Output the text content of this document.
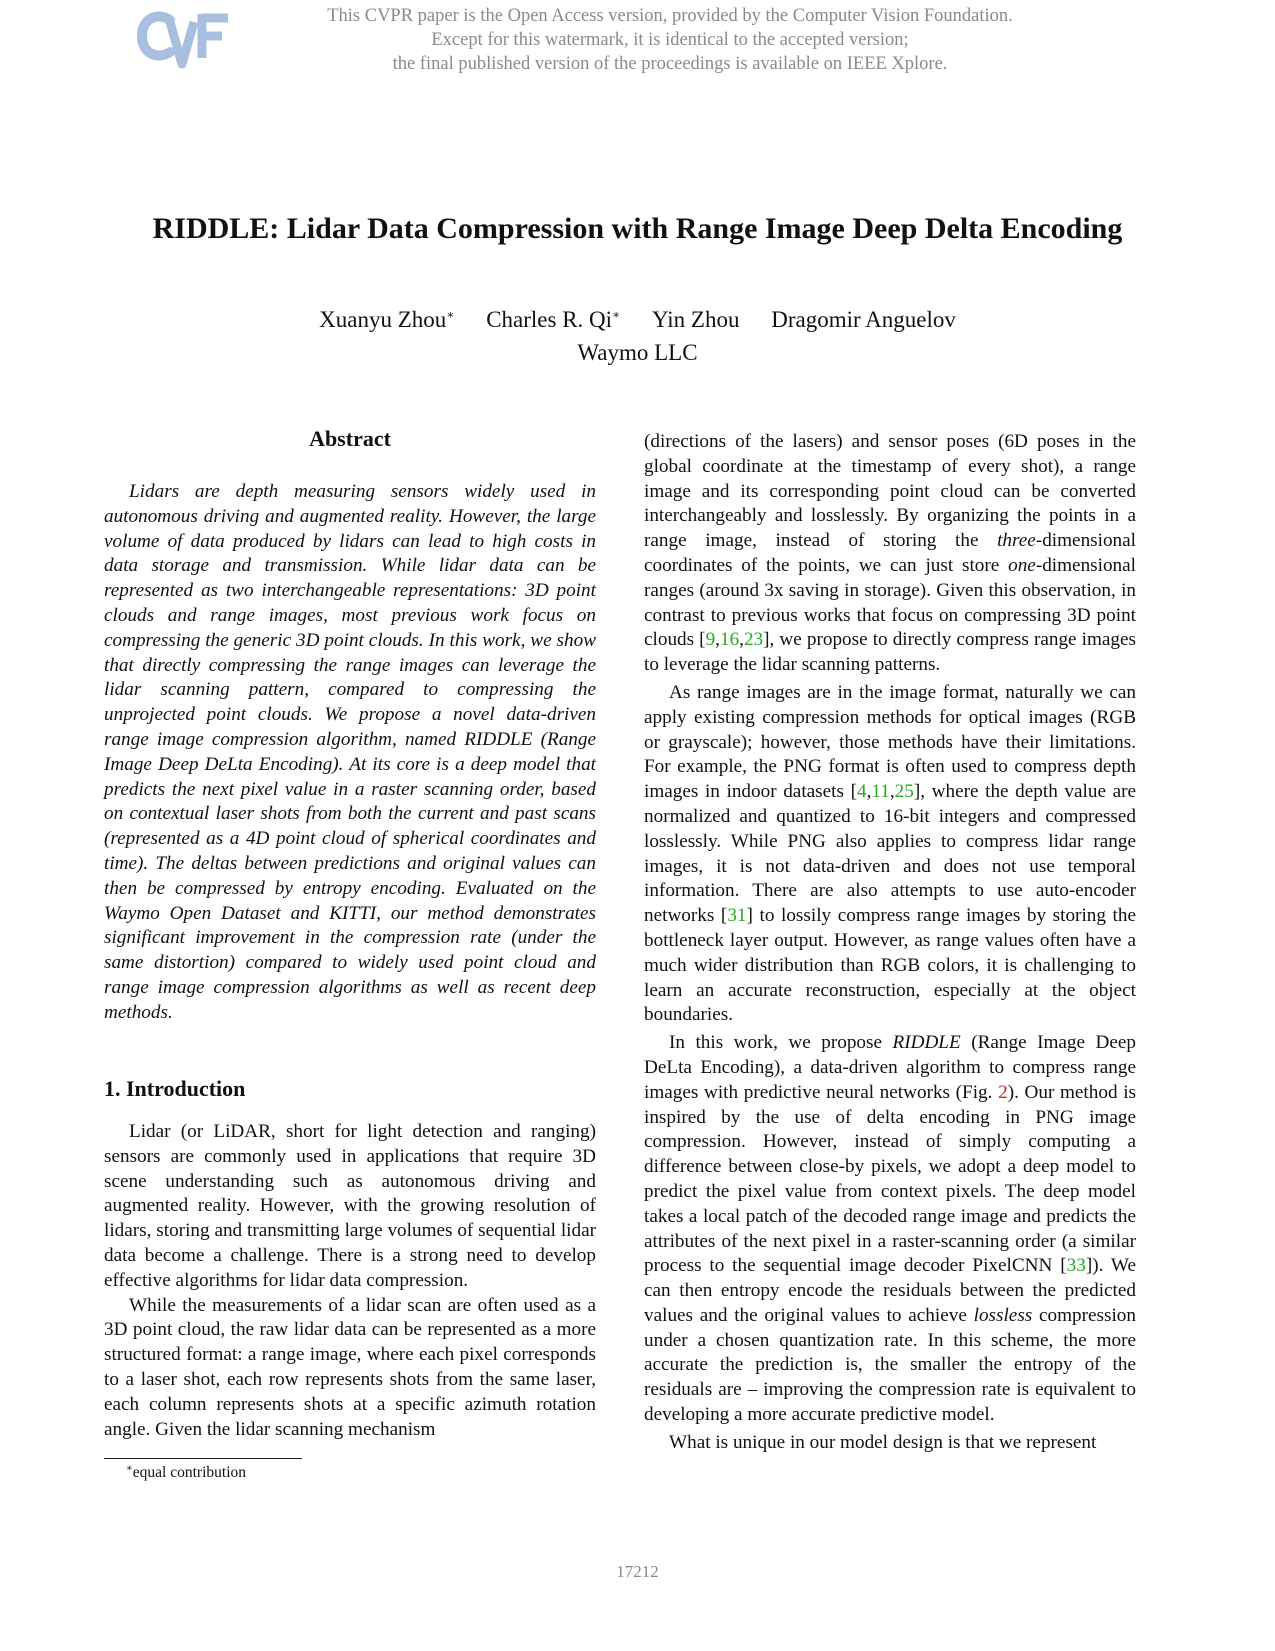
This CVPR paper is the Open Access version, provided by the Computer Vision Foundation.
Except for this watermark, it is identical to the accepted version;
the final published version of the proceedings is available on IEEE Xplore.
RIDDLE: Lidar Data Compression with Range Image Deep Delta Encoding
Xuanyu Zhou∗ Charles R. Qi∗ Yin Zhou Dragomir Anguelov
Waymo LLC
Abstract

Lidars are depth measuring sensors widely used in autonomous driving and augmented reality. However, the large volume of data produced by lidars can lead to high costs in data storage and transmission. While lidar data can be represented as two interchangeable representations: 3D point clouds and range images, most previous work focus on compressing the generic 3D point clouds. In this work, we show that directly compressing the range images can leverage the lidar scanning pattern, compared to compressing the unprojected point clouds. We propose a novel data-driven range image compression algorithm, named RIDDLE (Range Image Deep DeLta Encoding). At its core is a deep model that predicts the next pixel value in a raster scanning order, based on contextual laser shots from both the current and past scans (represented as a 4D point cloud of spherical coordinates and time). The deltas between predictions and original values can then be compressed by entropy encoding. Evaluated on the Waymo Open Dataset and KITTI, our method demonstrates significant improvement in the compression rate (under the same distortion) compared to widely used point cloud and range image compression algorithms as well as recent deep methods.

1. Introduction

Lidar (or LiDAR, short for light detection and ranging) sensors are commonly used in applications that require 3D scene understanding such as autonomous driving and augmented reality. However, with the growing resolution of lidars, storing and transmitting large volumes of sequential lidar data become a challenge. There is a strong need to develop effective algorithms for lidar data compression.

While the measurements of a lidar scan are often used as a 3D point cloud, the raw lidar data can be represented as a more structured format: a range image, where each pixel corresponds to a laser shot, each row represents shots from the same laser, each column represents shots at a specific azimuth rotation angle. Given the lidar scanning mechanism

(directions of the lasers) and sensor poses (6D poses in the global coordinate at the timestamp of every shot), a range image and its corresponding point cloud can be converted interchangeably and losslessly. By organizing the points in a range image, instead of storing the three-dimensional coordinates of the points, we can just store one-dimensional ranges (around 3x saving in storage). Given this observation, in contrast to previous works that focus on compressing 3D point clouds [9,16,23], we propose to directly compress range images to leverage the lidar scanning patterns.

As range images are in the image format, naturally we can apply existing compression methods for optical images (RGB or grayscale); however, those methods have their limitations. For example, the PNG format is often used to compress depth images in indoor datasets [4,11,25], where the depth value are normalized and quantized to 16-bit integers and compressed losslessly. While PNG also applies to compress lidar range images, it is not data-driven and does not use temporal information. There are also attempts to use auto-encoder networks [31] to lossily compress range images by storing the bottleneck layer output. However, as range values often have a much wider distribution than RGB colors, it is challenging to learn an accurate reconstruction, especially at the object boundaries.

In this work, we propose RIDDLE (Range Image Deep DeLta Encoding), a data-driven algorithm to compress range images with predictive neural networks (Fig. 2). Our method is inspired by the use of delta encoding in PNG image compression. However, instead of simply computing a difference between close-by pixels, we adopt a deep model to predict the pixel value from context pixels. The deep model takes a local patch of the decoded range image and predicts the attributes of the next pixel in a raster-scanning order (a similar process to the sequential image decoder PixelCNN [33]). We can then entropy encode the residuals between the predicted values and the original values to achieve lossless compression under a chosen quantization rate. In this scheme, the more accurate the prediction is, the smaller the entropy of the residuals are – improving the compression rate is equivalent to developing a more accurate predictive model.

What is unique in our model design is that we represent

∗equal contribution
17212
